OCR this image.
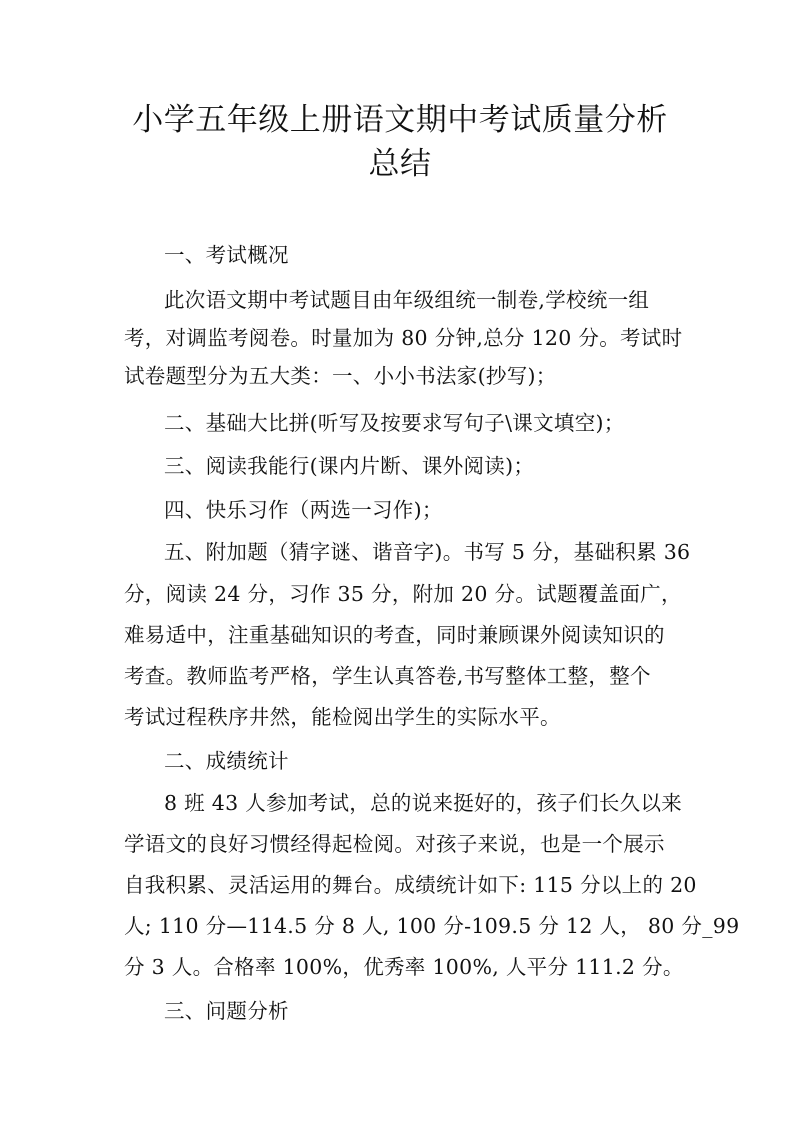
小学五年级上册语文期中考试质量分析
总结
一、考试概况
此次语文期中考试题目由年级组统一制卷,学校统一组
考，对调监考阅卷。时量加为 80 分钟,总分 120 分。考试时
试卷题型分为五大类：一、小小书法家(抄写)；
二、基础大比拼(听写及按要求写句子\课文填空)；
三、阅读我能行(课内片断、课外阅读)；
四、快乐习作（两选一习作)；
五、附加题（猜字谜、谐音字)。书写 5 分，基础积累 36
分，阅读 24 分，习作 35 分，附加 20 分。试题覆盖面广，
难易适中，注重基础知识的考查，同时兼顾课外阅读知识的
考查。教师监考严格，学生认真答卷,书写整体工整，整个
考试过程秩序井然，能检阅出学生的实际水平。
二、成绩统计
8 班 43 人参加考试，总的说来挺好的，孩子们长久以来
学语文的良好习惯经得起检阅。对孩子来说，也是一个展示
自我积累、灵活运用的舞台。成绩统计如下: 115 分以上的 20
人; 110 分—114.5 分 8 人, 100 分-109.5 分 12 人， 80 分_99
分 3 人。合格率 100%，优秀率 100%, 人平分 111.2 分。
三、问题分析
